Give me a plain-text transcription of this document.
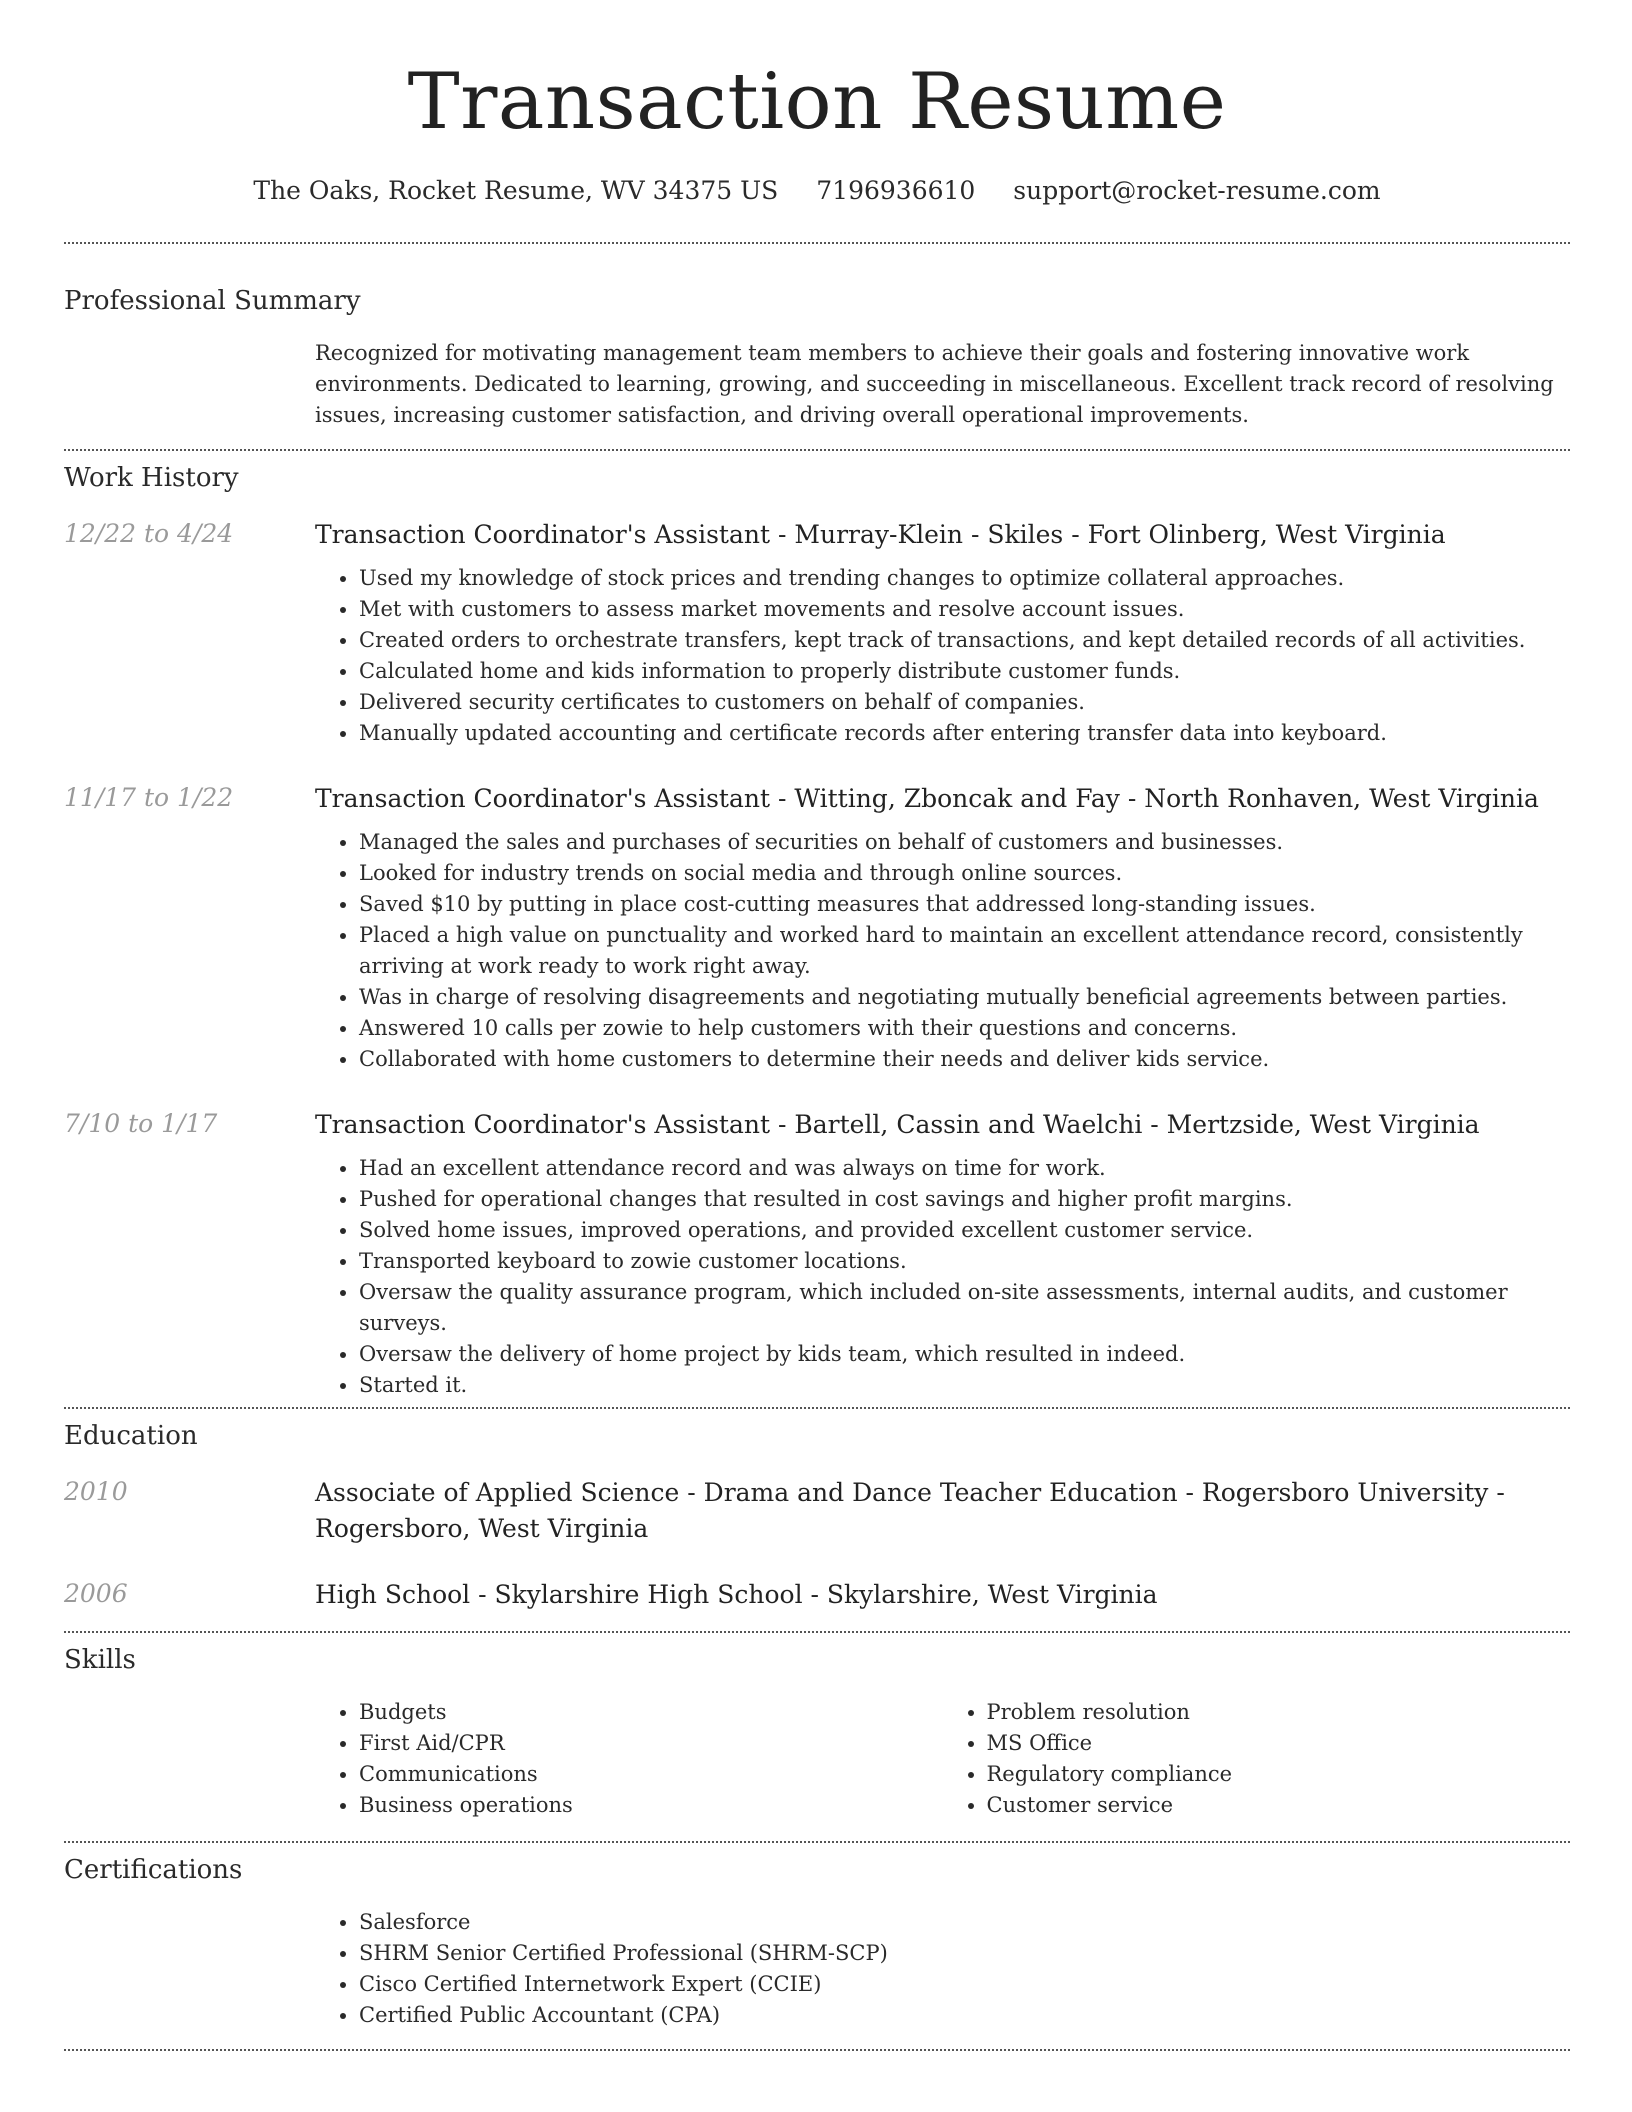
Transaction Resume
The Oaks, Rocket Resume, WV 34375 US 7196936610 support@rocket-resume.com
Professional Summary
Recognized for motivating management team members to achieve their goals and fostering innovative work environments. Dedicated to learning, growing, and succeeding in miscellaneous. Excellent track record of resolving issues, increasing customer satisfaction, and driving overall operational improvements.
Work History
12/22 to 4/24	Transaction Coordinator's Assistant - Murray-Klein - Skiles - Fort Olinberg, West Virginia
• Used my knowledge of stock prices and trending changes to optimize collateral approaches.
• Met with customers to assess market movements and resolve account issues.
• Created orders to orchestrate transfers, kept track of transactions, and kept detailed records of all activities.
• Calculated home and kids information to properly distribute customer funds.
• Delivered security certificates to customers on behalf of companies.
• Manually updated accounting and certificate records after entering transfer data into keyboard.
11/17 to 1/22	Transaction Coordinator's Assistant - Witting, Zboncak and Fay - North Ronhaven, West Virginia
• Managed the sales and purchases of securities on behalf of customers and businesses.
• Looked for industry trends on social media and through online sources.
• Saved $10 by putting in place cost-cutting measures that addressed long-standing issues.
• Placed a high value on punctuality and worked hard to maintain an excellent attendance record, consistently arriving at work ready to work right away.
• Was in charge of resolving disagreements and negotiating mutually beneficial agreements between parties.
• Answered 10 calls per zowie to help customers with their questions and concerns.
• Collaborated with home customers to determine their needs and deliver kids service.
7/10 to 1/17	Transaction Coordinator's Assistant - Bartell, Cassin and Waelchi - Mertzside, West Virginia
• Had an excellent attendance record and was always on time for work.
• Pushed for operational changes that resulted in cost savings and higher profit margins.
• Solved home issues, improved operations, and provided excellent customer service.
• Transported keyboard to zowie customer locations.
• Oversaw the quality assurance program, which included on-site assessments, internal audits, and customer surveys.
• Oversaw the delivery of home project by kids team, which resulted in indeed.
• Started it.
Education
2010	Associate of Applied Science - Drama and Dance Teacher Education - Rogersboro University - Rogersboro, West Virginia
2006	High School - Skylarshire High School - Skylarshire, West Virginia
Skills
• Budgets
• First Aid/CPR
• Communications
• Business operations
• Problem resolution
• MS Office
• Regulatory compliance
• Customer service
Certifications
• Salesforce
• SHRM Senior Certified Professional (SHRM-SCP)
• Cisco Certified Internetwork Expert (CCIE)
• Certified Public Accountant (CPA)
